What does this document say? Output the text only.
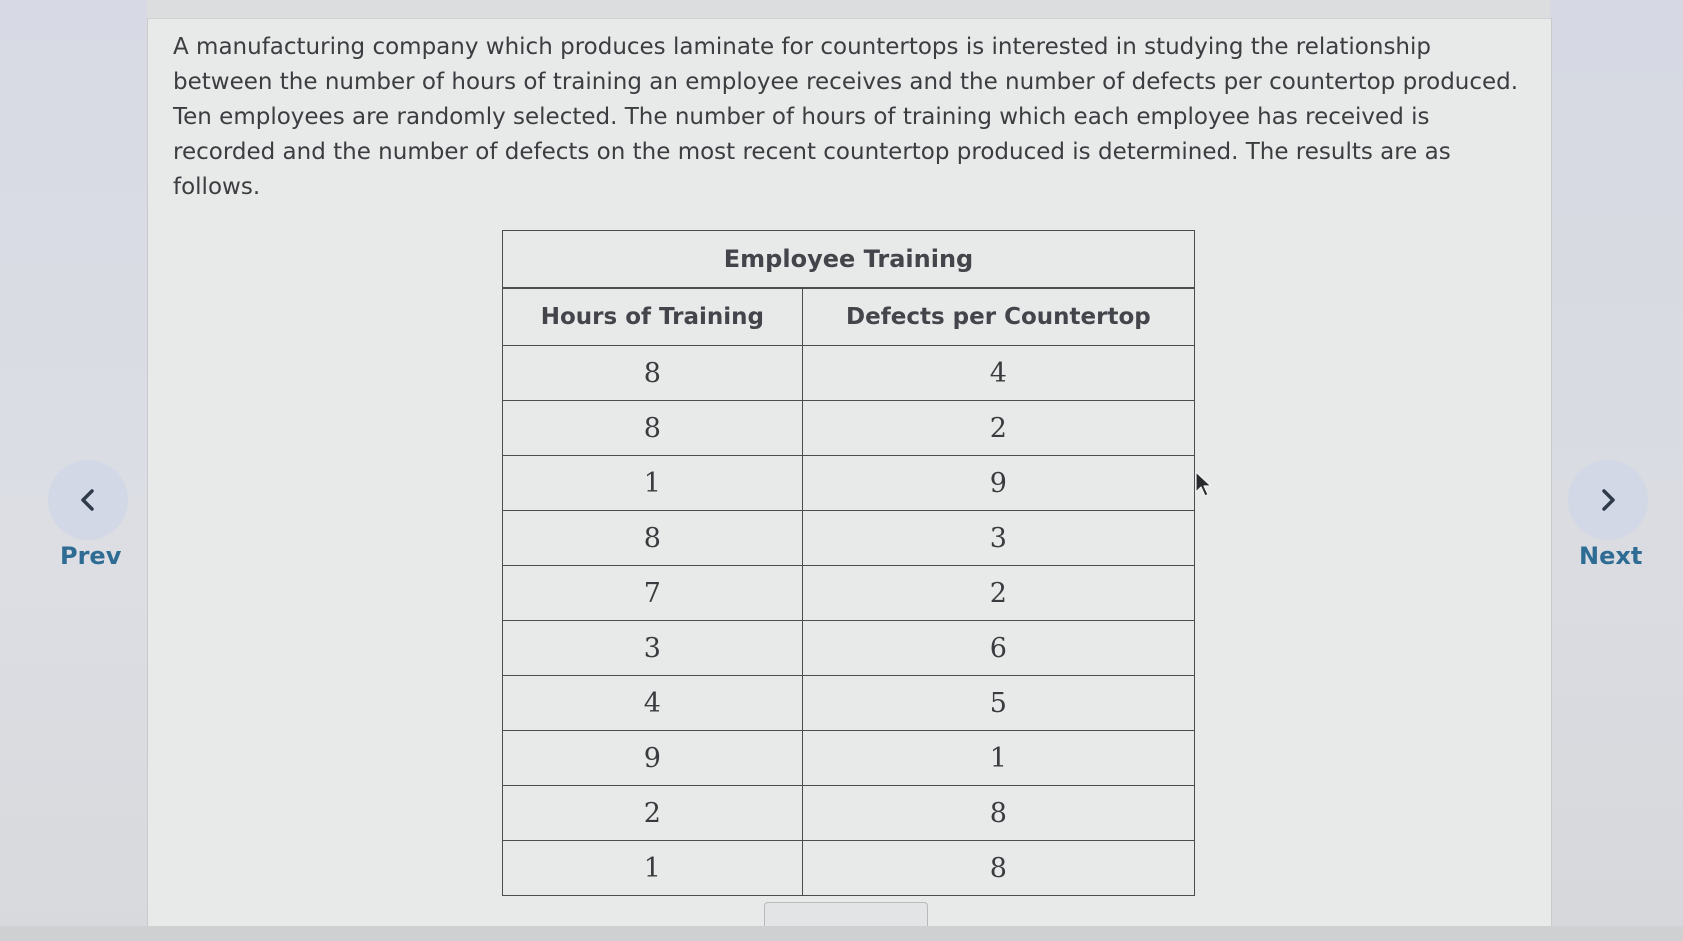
A manufacturing company which produces laminate for countertops is interested in studying the relationship between the number of hours of training an employee receives and the number of defects per countertop produced. Ten employees are randomly selected. The number of hours of training which each employee has received is recorded and the number of defects on the most recent countertop produced is determined. The results are as follows.

Employee Training	
Hours of Training	Defects per Countertop
8	4
8	2
1	9
8	3
7	2
3	6
4	5
9	1
2	8
1	8
Prev	Next
